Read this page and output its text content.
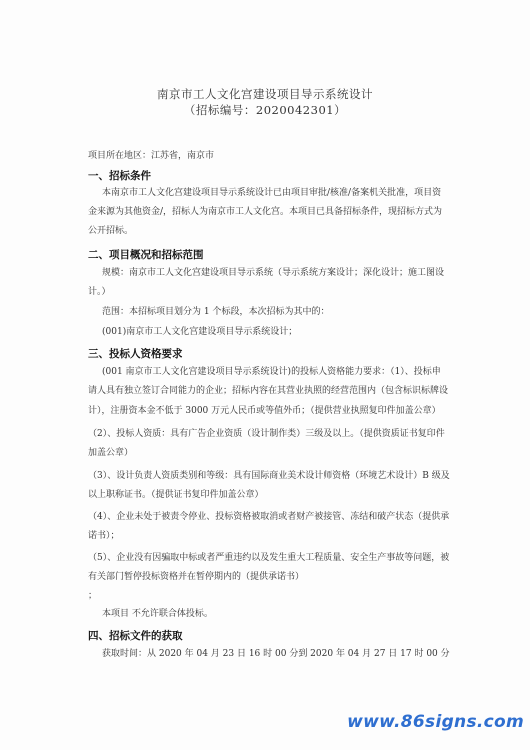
南京市工人文化宫建设项目导示系统设计
（招标编号：2020042301）
项目所在地区：江苏省，南京市
一、招标条件
本南京市工人文化宫建设项目导示系统设计已由项目审批/核准/备案机关批准，项目资
金来源为其他资金/，招标人为南京市工人文化宫。本项目已具备招标条件，现招标方式为
公开招标。
二、项目概况和招标范围
规模：南京市工人文化宫建设项目导示系统（导示系统方案设计；深化设计；施工图设
计。）
范围：本招标项目划分为 1 个标段，本次招标为其中的：
(001)南京市工人文化宫建设项目导示系统设计；
三、投标人资格要求
(001 南京市工人文化宫建设项目导示系统设计)的投标人资格能力要求：（1）、投标申
请人具有独立签订合同能力的企业；招标内容在其营业执照的经营范围内（包含标识标牌设
计），注册资本金不低于 3000 万元人民币或等值外币；（提供营业执照复印件加盖公章）
（2）、投标人资质：具有广告企业资质（设计制作类）三级及以上。（提供资质证书复印件
加盖公章）
（3）、设计负责人资质类别和等级：具有国际商业美术设计师资格（环境艺术设计）B 级及
以上职称证书。（提供证书复印件加盖公章）
（4）、企业未处于被责令停业、投标资格被取消或者财产被接管、冻结和破产状态（提供承
诺书）；
（5）、企业没有因骗取中标或者严重违约以及发生重大工程质量、安全生产事故等问题，被
有关部门暂停投标资格并在暂停期内的（提供承诺书）
；
本项目 不允许联合体投标。
四、招标文件的获取
获取时间：从 2020 年 04 月 23 日 16 时 00 分到 2020 年 04 月 27 日 17 时 00 分
www.86signs.com
